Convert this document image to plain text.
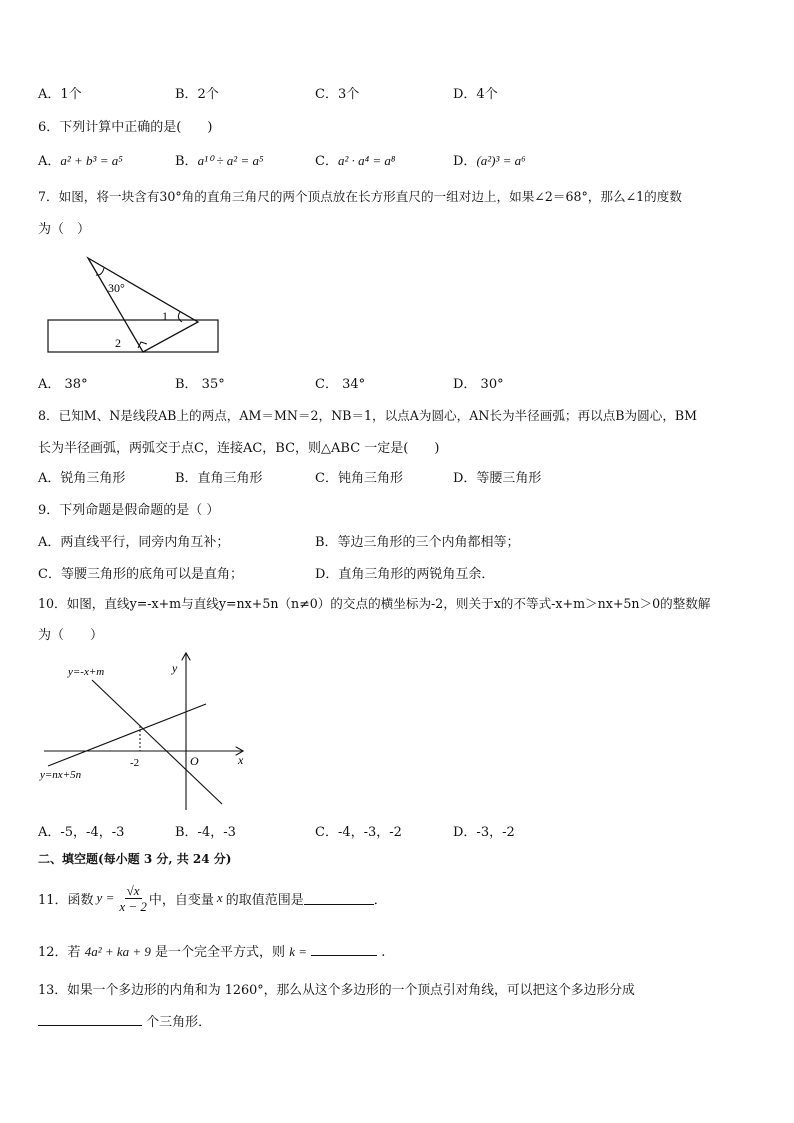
A．1个	B．2个	C．3个	D．4个
6．下列计算中正确的是(　　)
A．a² + b³ = a⁵	B．a¹⁰ ÷ a² = a⁵	C．a² · a⁴ = a⁸	D．(a²)³ = a⁶
7．如图，将一块含有30°角的直角三角尺的两个顶点放在长方形直尺的一组对边上，如果∠2＝68°，那么∠1的度数
为（　）
30°
1
2
A． 38°	B． 35°	C． 34°	D． 30°
8．已知M、N是线段AB上的两点，AM＝MN＝2，NB＝1，以点A为圆心，AN长为半径画弧；再以点B为圆心，BM
长为半径画弧，两弧交于点C，连接AC，BC，则△ABC 一定是(　　)
A．锐角三角形	B．直角三角形	C．钝角三角形	D．等腰三角形
9．下列命题是假命题的是（ ）
A．两直线平行，同旁内角互补；	B．等边三角形的三个内角都相等；
C．等腰三角形的底角可以是直角；	D．直角三角形的两锐角互余．
10．如图，直线y=-x+m与直线y=nx+5n（n≠0）的交点的横坐标为-2，则关于x的不等式-x+m＞nx+5n＞0的整数解
为（　　）
y
x
O
-2
y=-x+m
y=nx+5n
A．-5，-4，-3	B．-4，-3	C．-4，-3，-2	D．-3，-2
二、填空题(每小题 3 分, 共 24 分)
11．函数 $y = \frac{√x}{x - 2}$ 中，自变量 x 的取值范围是	．
12．若 4a² + ka + 9 是一个完全平方式，则 k =	.
13．如果一个多边形的内角和为 1260°，那么从这个多边形的一个顶点引对角线，可以把这个多边形分成
个三角形．
